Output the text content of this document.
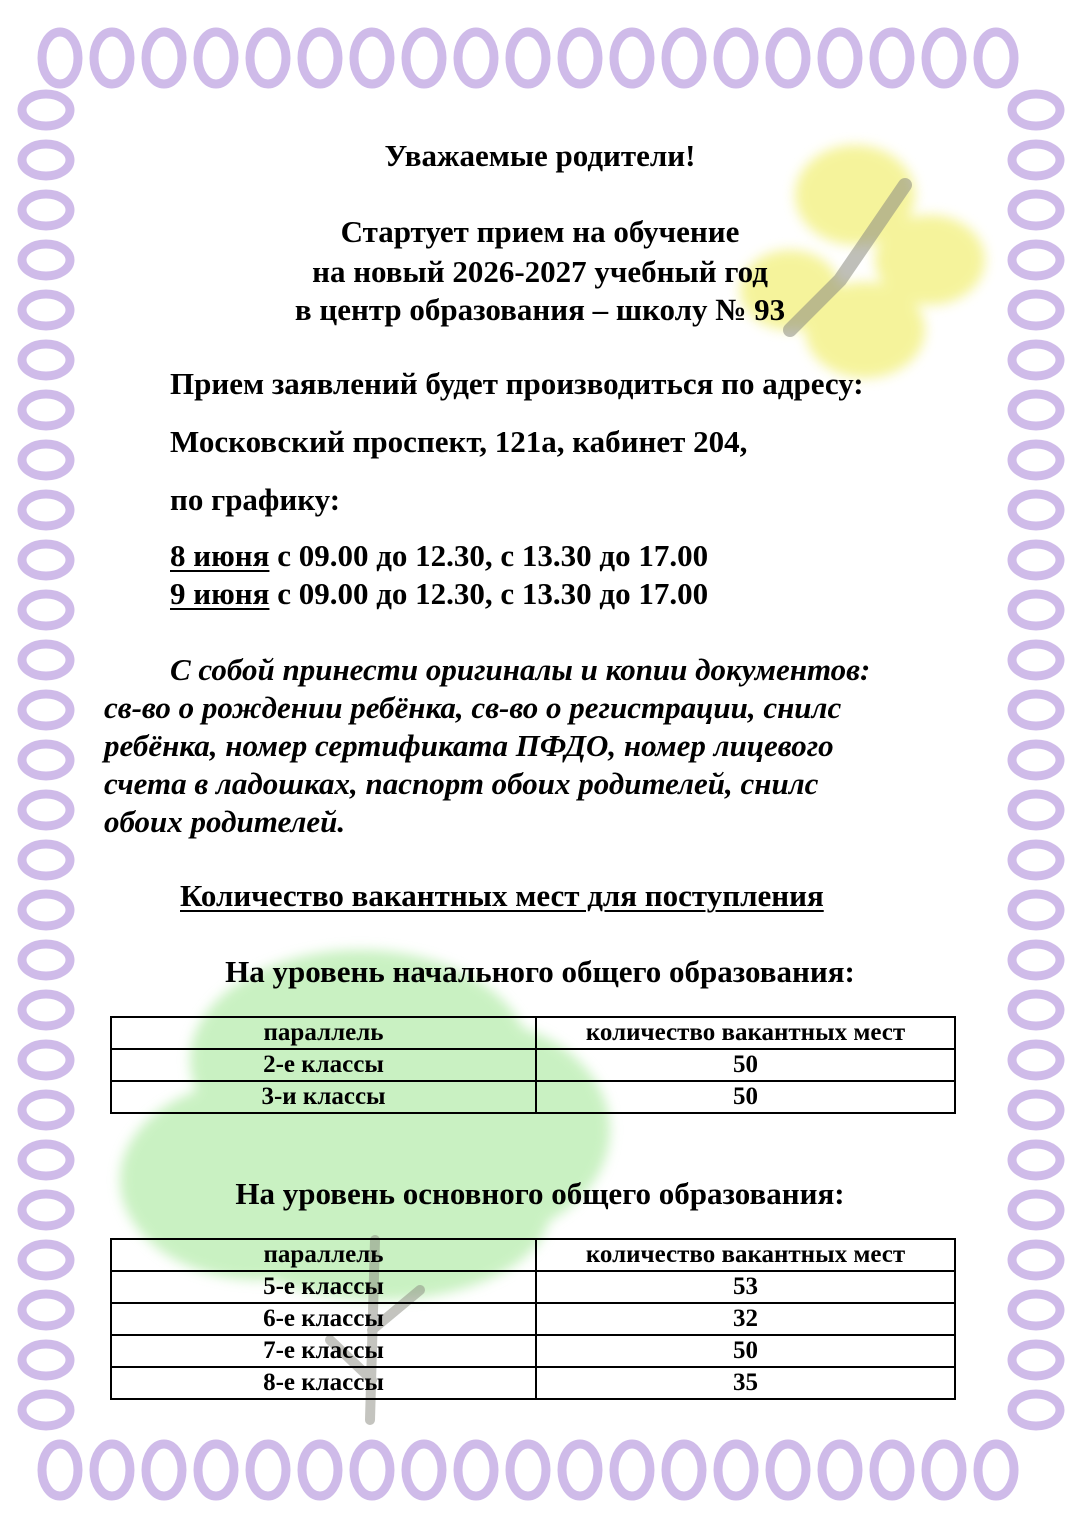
Уважаемые родители!
Стартует прием на обучение
на новый 2026-2027 учебный год
в центр образования – школу № 93
Прием заявлений будет производиться по адресу:
Московский проспект, 121а, кабинет 204,
по графику:
8 июня с 09.00 до 12.30, с 13.30 до 17.00
9 июня с 09.00 до 12.30, с 13.30 до 17.00
С собой принести оригиналы и копии документов:
св-во о рождении ребёнка, св-во о регистрации, снилс
ребёнка, номер сертификата ПФДО, номер лицевого
счета в ладошках, паспорт обоих родителей, снилс
обоих родителей.
Количество вакантных мест для поступления
На уровень начального общего образования:
параллель	количество вакантных мест
2-е классы	50
3-и классы	50
На уровень основного общего образования:
параллель	количество вакантных мест
5-е классы	53
6-е классы	32
7-е классы	50
8-е классы	35
